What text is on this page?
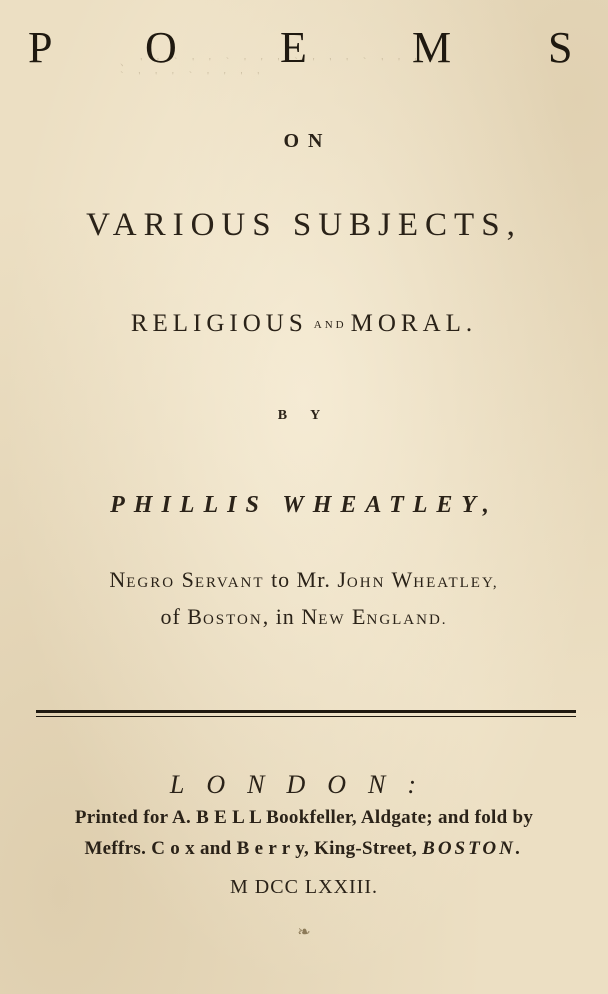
､ ' ' ` ' ' ` ' ' ' ` ' ' ' ` ' ' ' ' ` ' ' ' ` ' ' ' '
P O E M S
O N
VARIOUS SUBJECTS,
RELIGIOUS AND MORAL.
B Y
PHILLIS WHEATLEY,
NEGRO SERVANT to Mr. JOHN WHEATLEY,
of BOSTON, in NEW ENGLAND.
LONDON:
Printed for A. B E L L Bookfeller, Aldgate; and fold by
Meffrs. C o x and B e r r y, King-Street, BOSTON.
M DCC LXXIII.
❧
